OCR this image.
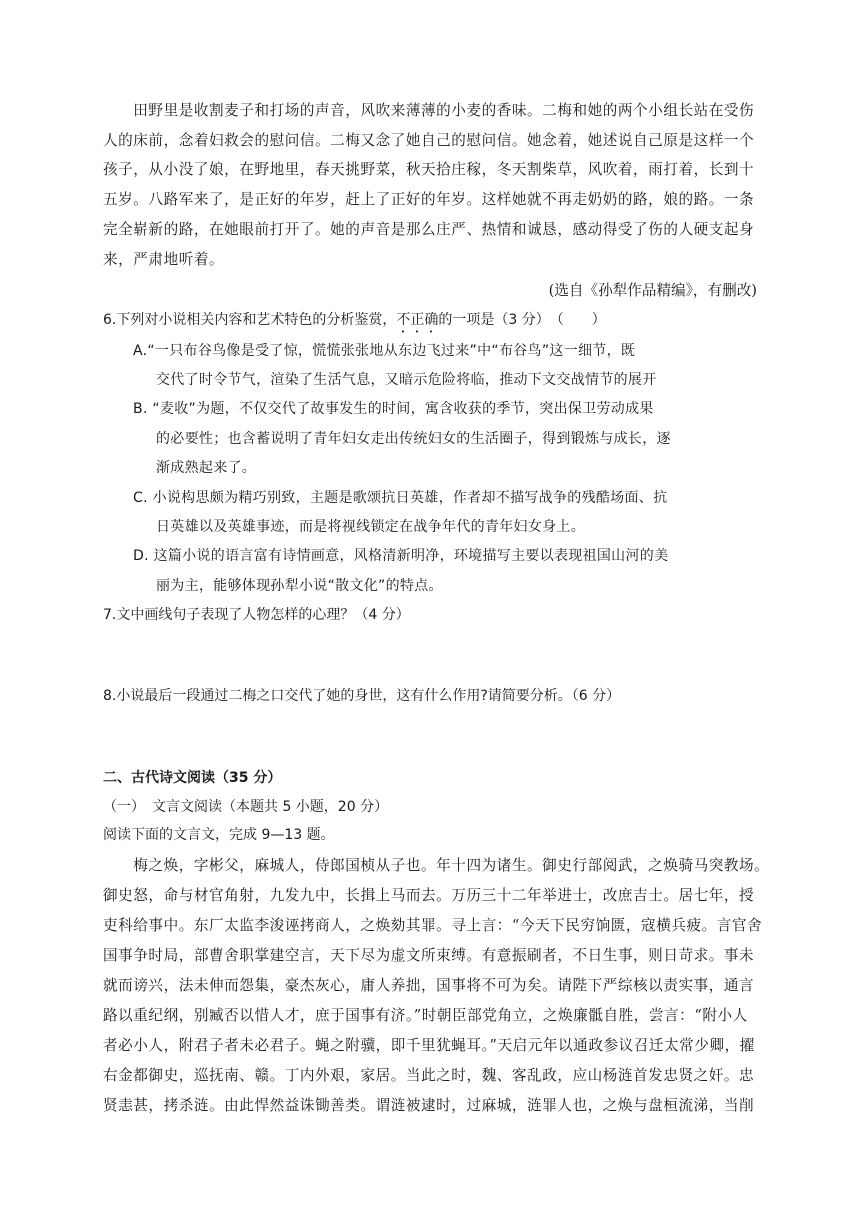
　　田野里是收割麦子和打场的声音，风吹来薄薄的小麦的香味。二梅和她的两个小组长站在受伤
人的床前，念着妇救会的慰问信。二梅又念了她自己的慰问信。她念着，她述说自己原是这样一个
孩子，从小没了娘，在野地里，春天挑野菜，秋天拾庄稼，冬天割柴草，风吹着，雨打着，长到十
五岁。八路军来了，是正好的年岁，赶上了正好的年岁。这样她就不再走奶奶的路，娘的路。一条
完全崭新的路，在她眼前打开了。她的声音是那么庄严、热情和诚恳，感动得受了伤的人硬支起身
来，严肃地听着。
(选自《孙犁作品精编》，有删改)
6.下列对小说相关内容和艺术特色的分析鉴赏，不正确的一项是（3 分）　（　　）
A.“一只布谷鸟像是受了惊，慌慌张张地从东边飞过来”中“布谷鸟”这一细节，既
交代了时令节气，渲染了生活气息，又暗示危险将临，推动下文交战情节的展开
B. “麦收”为题，不仅交代了故事发生的时间，寓含收获的季节，突出保卫劳动成果
的必要性；也含蓄说明了青年妇女走出传统妇女的生活圈子，得到锻炼与成长，逐
渐成熟起来了。
C. 小说构思颇为精巧别致，主题是歌颂抗日英雄，作者却不描写战争的残酷场面、抗
日英雄以及英雄事迹，而是将视线锁定在战争年代的青年妇女身上。
D. 这篇小说的语言富有诗情画意，风格清新明净，环境描写主要以表现祖国山河的美
丽为主，能够体现孙犁小说“散文化”的特点。
7.文中画线句子表现了人物怎样的心理？（4 分）
8.小说最后一段通过二梅之口交代了她的身世，这有什么作用?请简要分析。（6 分）
二、古代诗文阅读（35 分）
（一）　文言文阅读（本题共 5 小题，20 分）
阅读下面的文言文，完成 9—13 题。
　　梅之焕，字彬父，麻城人，侍郎国桢从子也。年十四为诸生。御史行部阅武，之焕骑马突教场。
御史怒，命与材官角射，九发九中，长揖上马而去。万历三十二年举进士，改庶吉士。居七年，授
吏科给事中。东厂太监李浚诬拷商人，之焕劾其罪。寻上言：“今天下民穷饷匮，寇横兵疲。言官舍
国事争时局，部曹舍职掌建空言，天下尽为虚文所束缚。有意振刷者，不日生事，则日苛求。事未
就而谤兴，法未伸而怨集，豪杰灰心，庸人养拙，国事将不可为矣。请陛下严综核以责实事，通言
路以重纪纲，别臧否以惜人才，庶于国事有济。”时朝臣部党角立，之焕廉骶自胜，尝言：“附小人
者必小人，附君子者未必君子。蝇之附骥，即千里犹蝇耳。”天启元年以通政参议召迁太常少卿，擢
右金都御史，巡抚南、赣。丁内外艰，家居。当此之时，魏、客乱政，应山杨涟首发忠贤之奸。忠
贤恚甚，拷杀涟。由此悍然益诛锄善类。谓涟被逮时，过麻城，涟罪人也，之焕与盘桓流涕，当削
